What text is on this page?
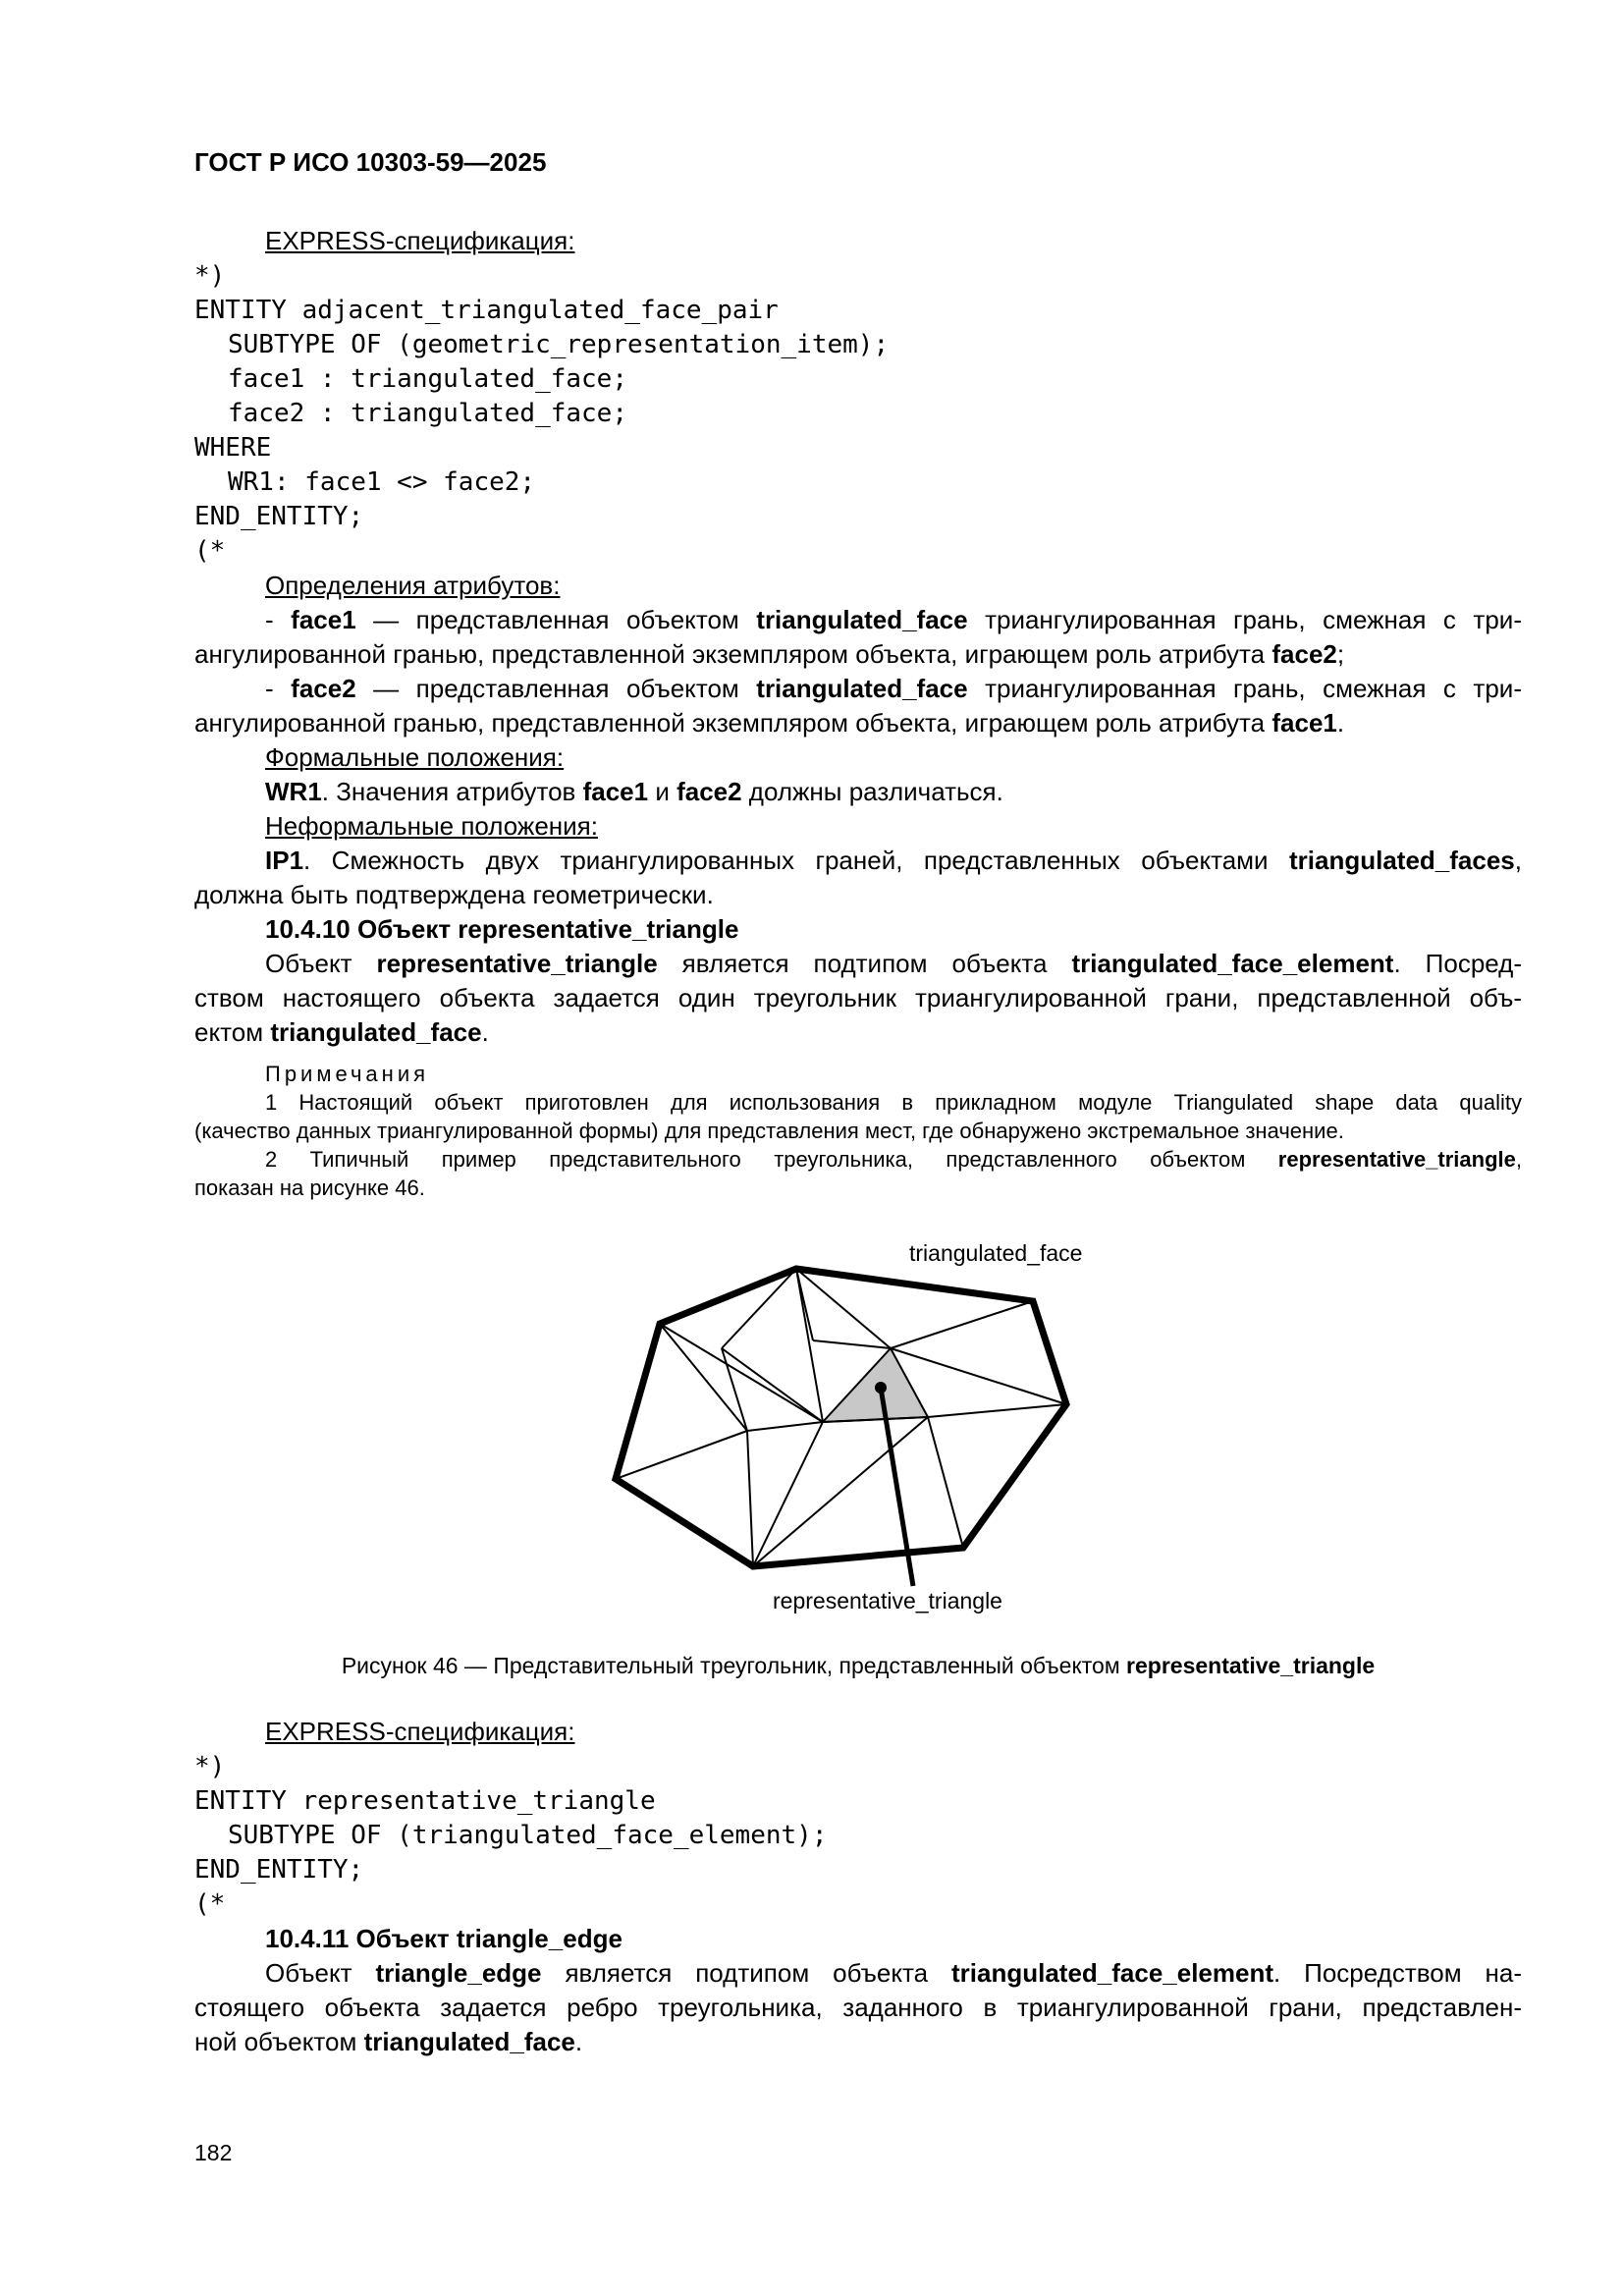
ГОСТ Р ИСО 10303-59—2025
EXPRESS-спецификация:
*)
ENTITY adjacent_triangulated_face_pair
SUBTYPE OF (geometric_representation_item);
face1 : triangulated_face;
face2 : triangulated_face;
WHERE
WR1: face1 <> face2;
END_ENTITY;
(*
Определения атрибутов:
- face1 — представленная объектом triangulated_face триангулированная грань, смежная с три-
ангулированной гранью, представленной экземпляром объекта, играющем роль атрибута face2;
- face2 — представленная объектом triangulated_face триангулированная грань, смежная с три-
ангулированной гранью, представленной экземпляром объекта, играющем роль атрибута face1.
Формальные положения:
WR1. Значения атрибутов face1 и face2 должны различаться.
Неформальные положения:
IP1. Смежность двух триангулированных граней, представленных объектами triangulated_faces,
должна быть подтверждена геометрически.
10.4.10 Объект representative_triangle
Объект representative_triangle является подтипом объекта triangulated_face_element. Посред-
ством настоящего объекта задается один треугольник триангулированной грани, представленной объ-
ектом triangulated_face.
Примечания
1 Настоящий объект приготовлен для использования в прикладном модуле Triangulated shape data quality
(качество данных триангулированной формы) для представления мест, где обнаружено экстремальное значение.
2 Типичный пример представительного треугольника, представленного объектом representative_triangle,
показан на рисунке 46.
triangulated_face
representative_triangle
Рисунок 46 — Представительный треугольник, представленный объектом representative_triangle
EXPRESS-спецификация:
*)
ENTITY representative_triangle
SUBTYPE OF (triangulated_face_element);
END_ENTITY;
(*
10.4.11 Объект triangle_edge
Объект triangle_edge является подтипом объекта triangulated_face_element. Посредством на-
стоящего объекта задается ребро треугольника, заданного в триангулированной грани, представлен-
ной объектом triangulated_face.
182
